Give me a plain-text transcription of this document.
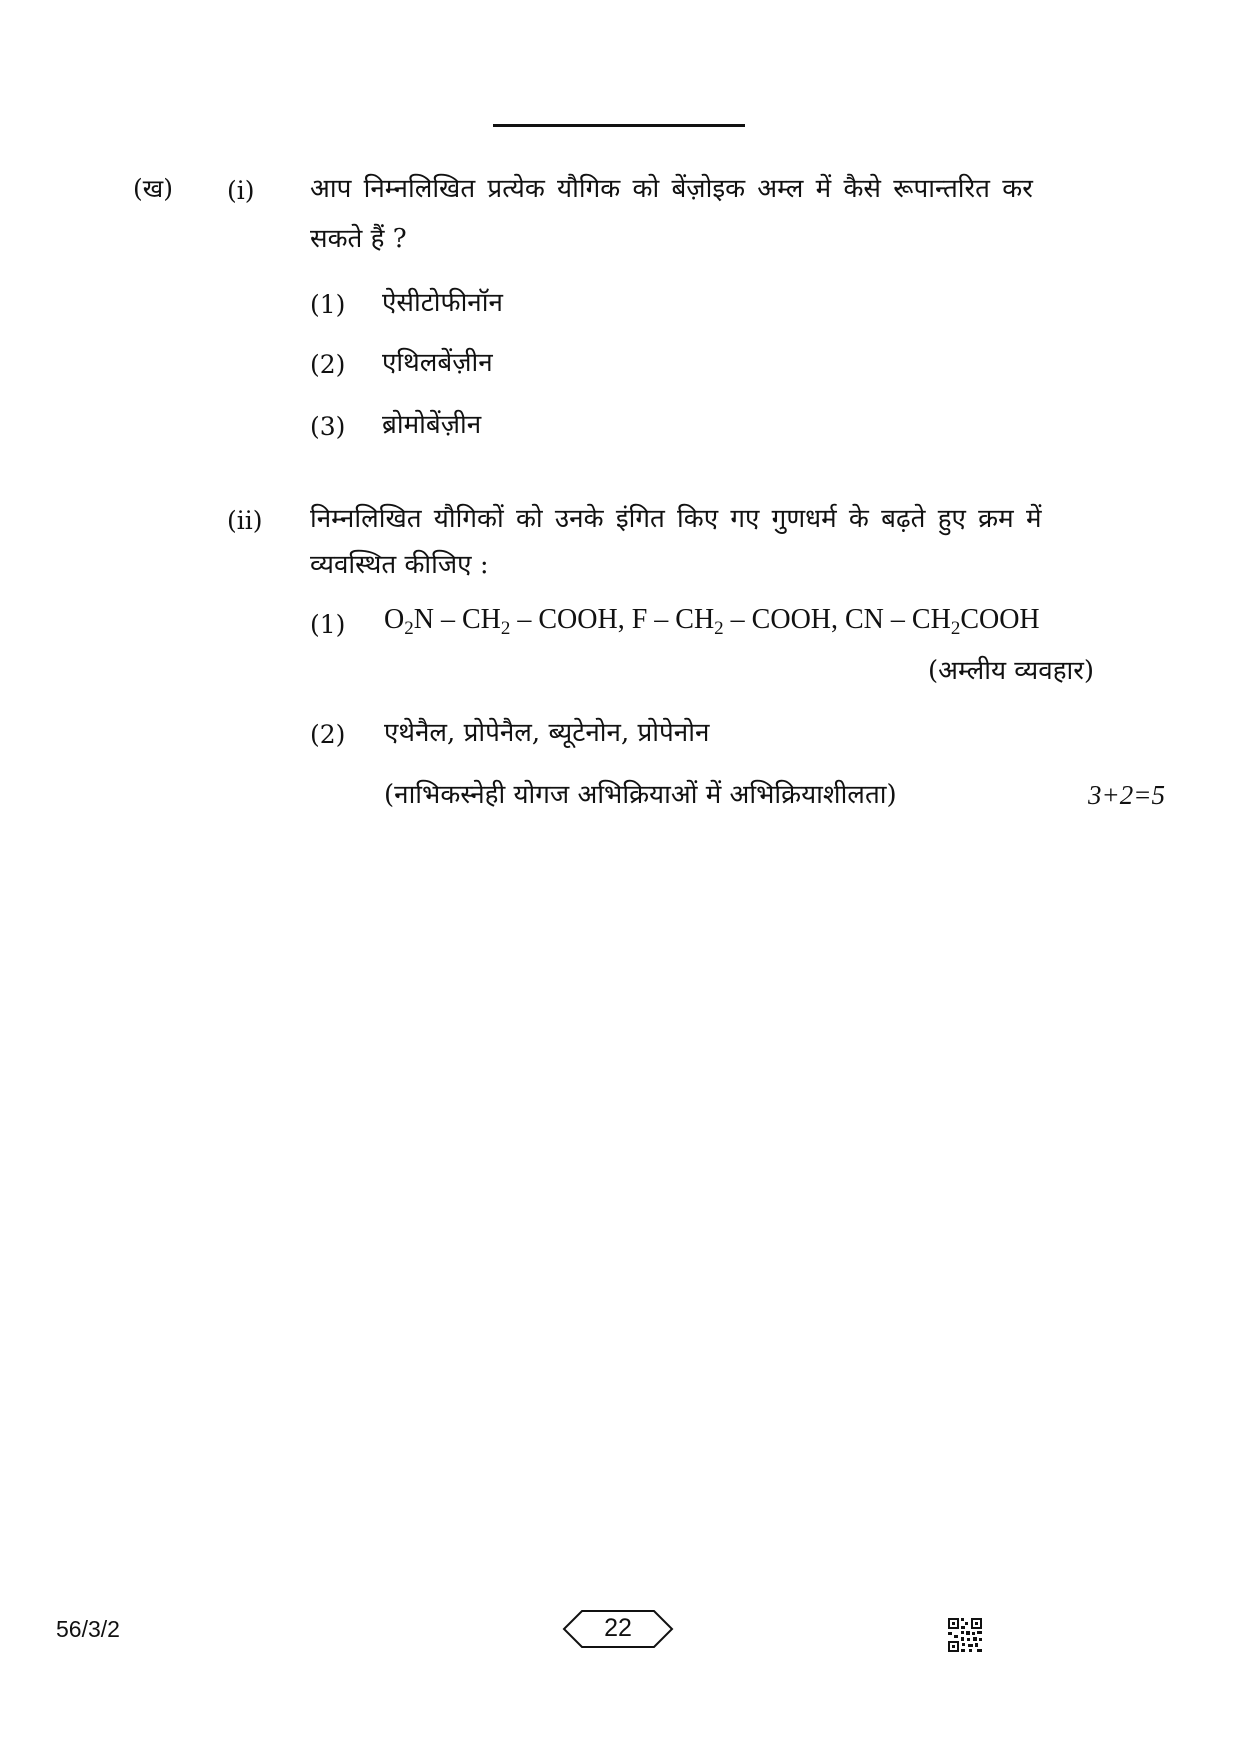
(ख) (i) आप निम्नलिखित प्रत्येक यौगिक को बेंज़ोइक अम्ल में कैसे रूपान्तरित कर
सकते हैं ?
(1) ऐसीटोफीनॉन
(2) एथिलबेंज़ीन
(3) ब्रोमोबेंज़ीन
(ii) निम्नलिखित यौगिकों को उनके इंगित किए गए गुणधर्म के बढ़ते हुए क्रम में
व्यवस्थित कीजिए :
(1) $O_2N - CH_2$ – COOH, F – $CH_2$ – COOH, CN – $CH_2COOH$
(अम्लीय व्यवहार)
(2) एथेनैल, प्रोपेनैल, ब्यूटेनोन, प्रोपेनोन
(नाभिकस्नेही योगज अभिक्रियाओं में अभिक्रियाशीलता)	3+2=5
56/3/2	22
